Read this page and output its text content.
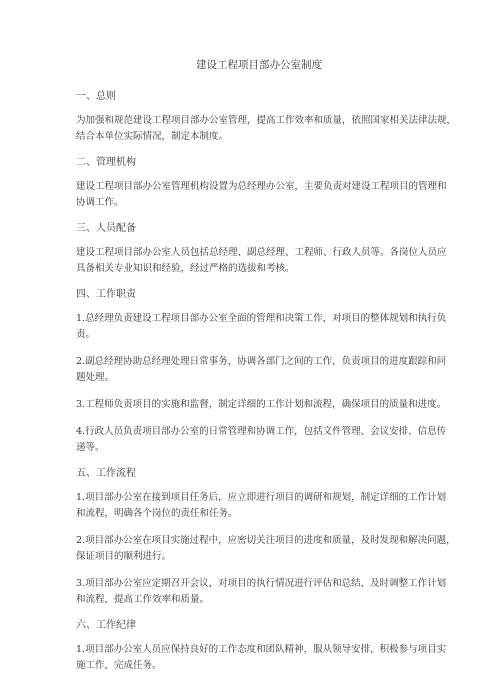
建设工程项目部办公室制度
一、总则
为加强和规范建设工程项目部办公室管理，提高工作效率和质量，依照国家相关法律法规，
结合本单位实际情况，制定本制度。
二、管理机构
建设工程项目部办公室管理机构设置为总经理办公室，主要负责对建设工程项目的管理和
协调工作。
三、人员配备
建设工程项目部办公室人员包括总经理、副总经理、工程师、行政人员等。各岗位人员应
具备相关专业知识和经验，经过严格的选拔和考核。
四、工作职责
1.总经理负责建设工程项目部办公室全面的管理和决策工作，对项目的整体规划和执行负
责。
2.副总经理协助总经理处理日常事务，协调各部门之间的工作，负责项目的进度跟踪和问
题处理。
3.工程师负责项目的实施和监督，制定详细的工作计划和流程，确保项目的质量和进度。
4.行政人员负责项目部办公室的日常管理和协调工作，包括文件管理、会议安排、信息传
递等。
五、工作流程
1.项目部办公室在接到项目任务后，应立即进行项目的调研和规划，制定详细的工作计划
和流程，明确各个岗位的责任和任务。
2.项目部办公室在项目实施过程中，应密切关注项目的进度和质量，及时发现和解决问题，
保证项目的顺利进行。
3.项目部办公室应定期召开会议，对项目的执行情况进行评估和总结，及时调整工作计划
和流程，提高工作效率和质量。
六、工作纪律
1.项目部办公室人员应保持良好的工作态度和团队精神，服从领导安排，积极参与项目实
施工作，完成任务。
